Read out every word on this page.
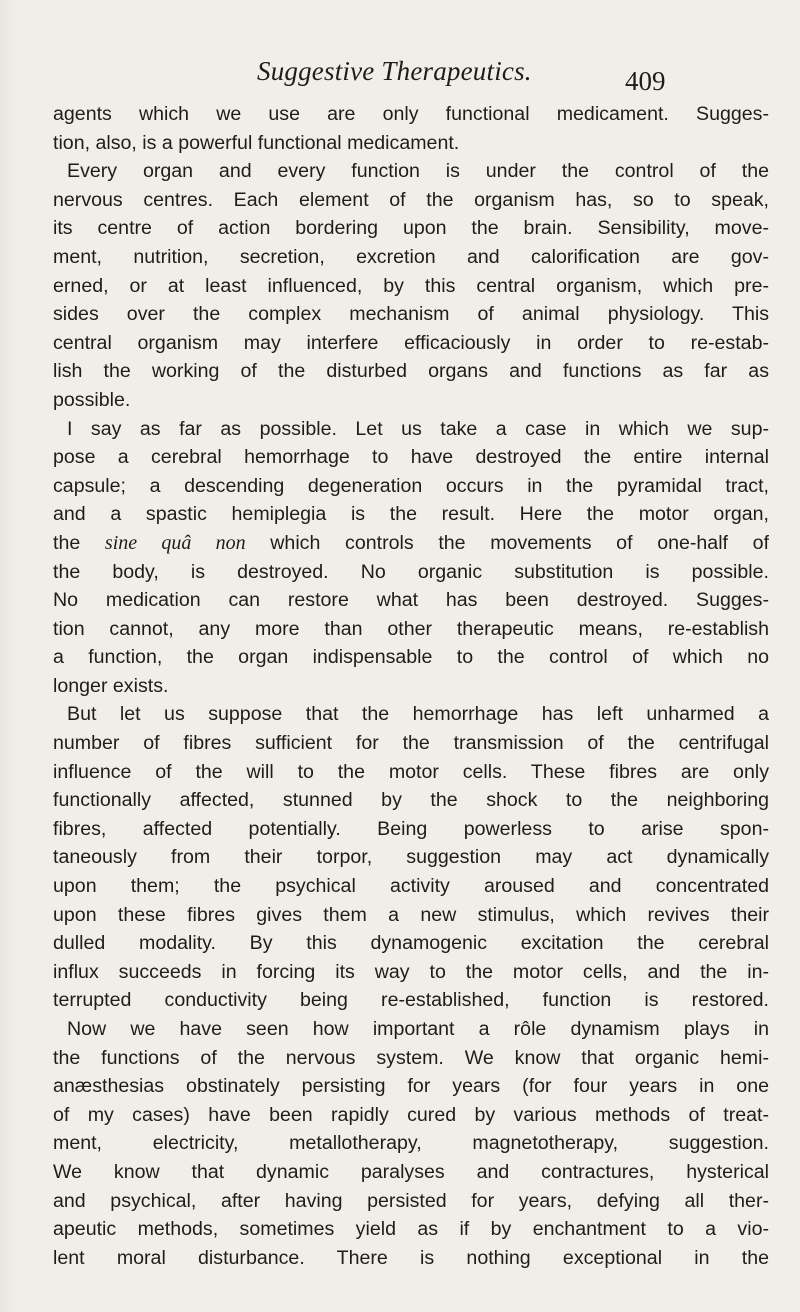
Suggestive Therapeutics.	409
agents which we use are only functional medicament. Sugges-
tion, also, is a powerful functional medicament.
Every organ and every function is under the control of the
nervous centres. Each element of the organism has, so to speak,
its centre of action bordering upon the brain. Sensibility, move-
ment, nutrition, secretion, excretion and calorification are gov-
erned, or at least influenced, by this central organism, which pre-
sides over the complex mechanism of animal physiology. This
central organism may interfere efficaciously in order to re-estab-
lish the working of the disturbed organs and functions as far as
possible.
I say as far as possible. Let us take a case in which we sup-
pose a cerebral hemorrhage to have destroyed the entire internal
capsule; a descending degeneration occurs in the pyramidal tract,
and a spastic hemiplegia is the result. Here the motor organ,
the sine quâ non which controls the movements of one-half of
the body, is destroyed. No organic substitution is possible.
No medication can restore what has been destroyed. Sugges-
tion cannot, any more than other therapeutic means, re-establish
a function, the organ indispensable to the control of which no
longer exists.
But let us suppose that the hemorrhage has left unharmed a
number of fibres sufficient for the transmission of the centrifugal
influence of the will to the motor cells. These fibres are only
functionally affected, stunned by the shock to the neighboring
fibres, affected potentially. Being powerless to arise spon-
taneously from their torpor, suggestion may act dynamically
upon them; the psychical activity aroused and concentrated
upon these fibres gives them a new stimulus, which revives their
dulled modality. By this dynamogenic excitation the cerebral
influx succeeds in forcing its way to the motor cells, and the in-
terrupted conductivity being re-established, function is restored.
Now we have seen how important a rôle dynamism plays in
the functions of the nervous system. We know that organic hemi-
anæsthesias obstinately persisting for years (for four years in one
of my cases) have been rapidly cured by various methods of treat-
ment, electricity, metallotherapy, magnetotherapy, suggestion.
We know that dynamic paralyses and contractures, hysterical
and psychical, after having persisted for years, defying all ther-
apeutic methods, sometimes yield as if by enchantment to a vio-
lent moral disturbance. There is nothing exceptional in the
